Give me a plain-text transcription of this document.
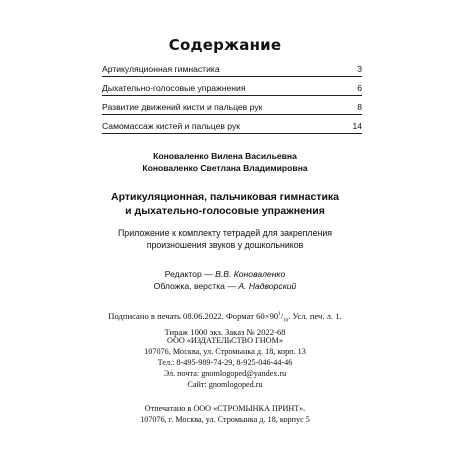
Содержание
Артикуляционная гимнастика	3
Дыхательно-голосовые упражнения	6
Развитие движений кисти и пальцев рук	8
Самомассаж кистей и пальцев рук	14
Коноваленко Вилена Васильевна
Коноваленко Светлана Владимировна
Артикуляционная, пальчиковая гимнастика
и дыхательно-голосовые упражнения
Приложение к комплекту тетрадей для закрепления
произношения звуков у дошкольников
Редактор — В.В. Коноваленко
Обложка, верстка — А. Надворский
Подписано в печать 08.06.2022. Формат $60\times 90^1/_{16}$. Усл. печ. л. 1.
Тираж 1000 экз. Заказ № 2022-68
ООО «ИЗДАТЕЛЬСТВО ГНОМ»
107076, Москва, ул. Стромынка д. 18, корп. 13
Тел.: 8-495-989-74-29, 8-925-046-44-46
Эл. почта: gnomlogoped@yandex.ru
Сайт: gnomlogoped.ru
Отпечатано в ООО «СТРОМЫНКА ПРИНТ».
107076, г. Москва, ул. Стромынка д. 18, корпус 5
